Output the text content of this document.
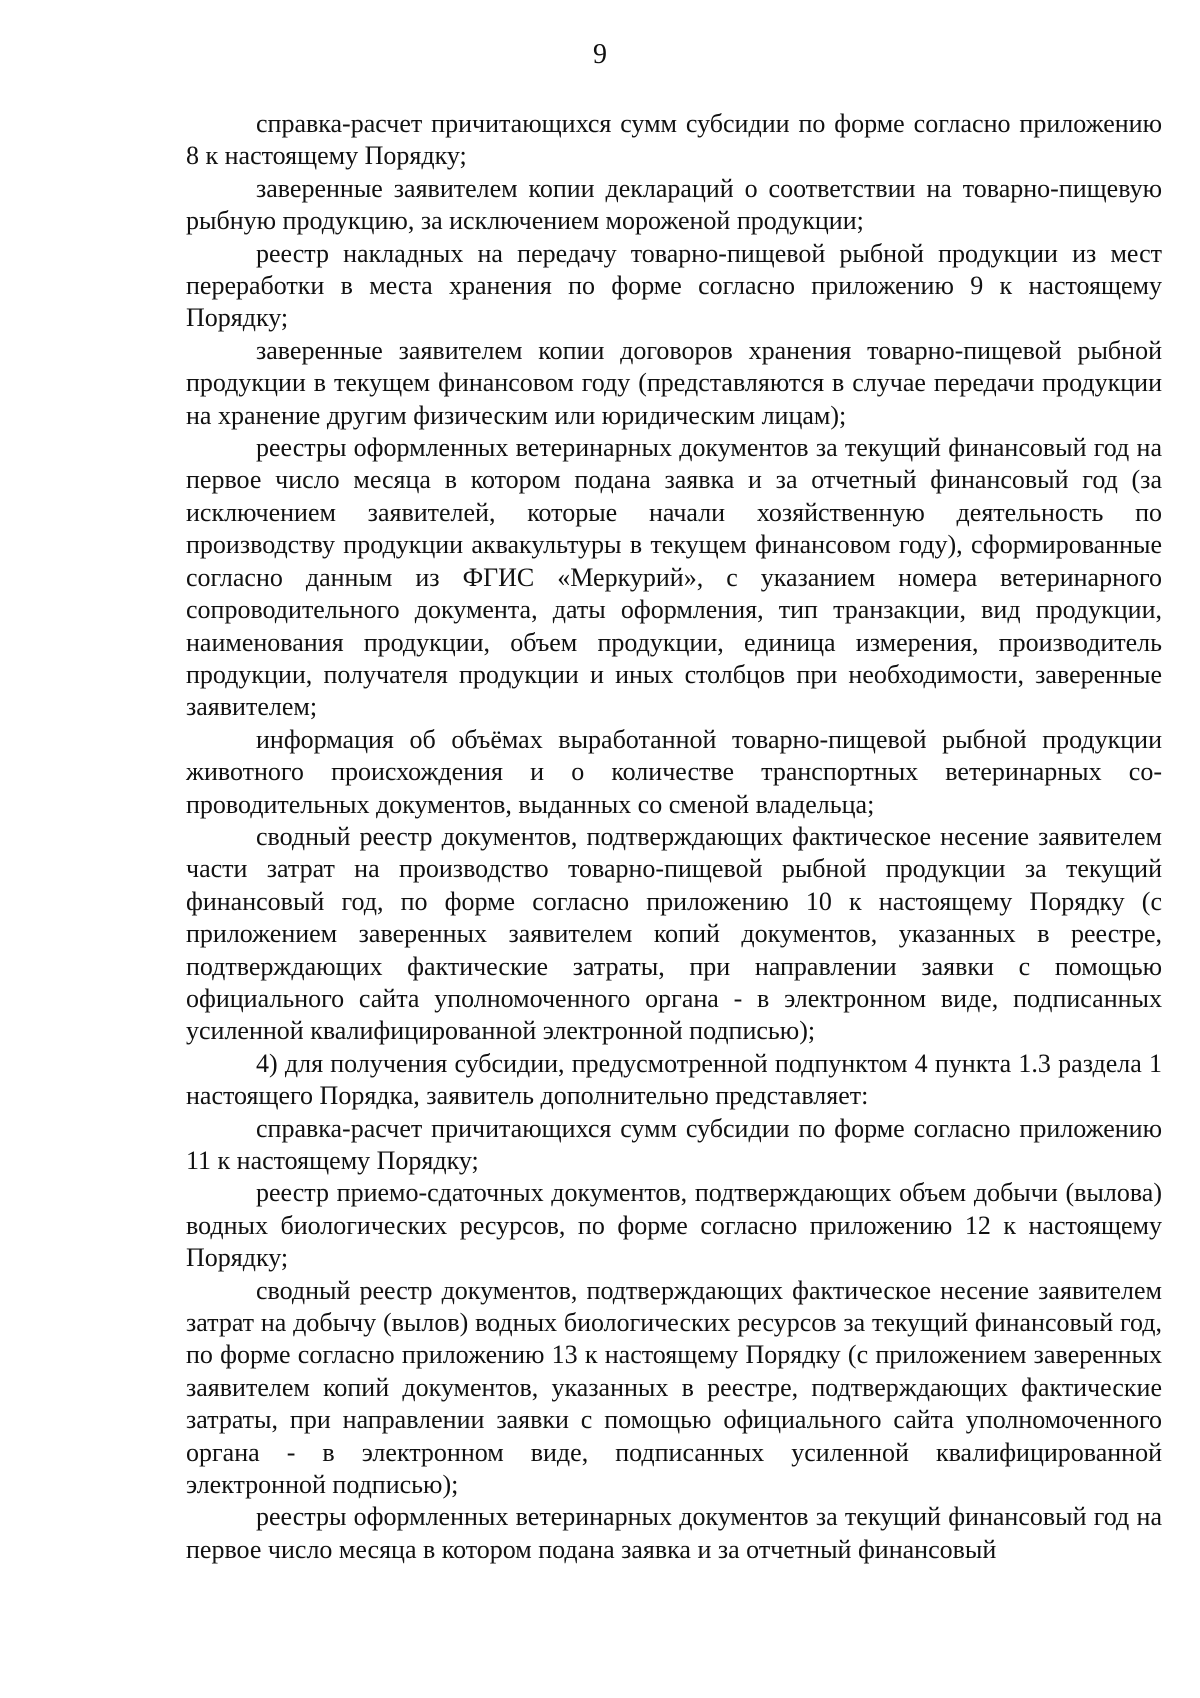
9

справка-расчет причитающихся сумм субсидии по форме согласно приложению 8 к настоящему Порядку;

заверенные заявителем копии деклараций о соответствии на товарно-пищевую рыбную продукцию, за исключением мороженой продукции;

реестр накладных на передачу товарно-пищевой рыбной продукции из мест переработки в места хранения по форме согласно приложению 9 к настоящему Порядку;

заверенные заявителем копии договоров хранения товарно-пищевой рыбной продукции в текущем финансовом году (представляются в случае передачи продукции на хранение другим физическим или юридическим лицам);

реестры оформленных ветеринарных документов за текущий финансовый год на первое число месяца в котором подана заявка и за отчетный финансовый год (за исключением заявителей, которые начали хозяйственную деятельность по производству продукции аквакультуры в текущем финансовом году), сформированные согласно данным из ФГИС «Меркурий», с указанием номера ветеринарного сопроводительного документа, даты оформления, тип транзакции, вид продукции, наименования продукции, объем продукции, единица измерения, производитель продукции, получателя продукции и иных столбцов при необходимости, заверенные заявителем;

информация об объёмах выработанной товарно-пищевой рыбной продукции животного происхождения и о количестве транспортных ветеринарных сопроводительных документов, выданных со сменой владельца;

сводный реестр документов, подтверждающих фактическое несение заявителем части затрат на производство товарно-пищевой рыбной продукции за текущий финансовый год, по форме согласно приложению 10 к настоящему Порядку (с приложением заверенных заявителем копий документов, указанных в реестре, подтверждающих фактические затраты, при направлении заявки с помощью официального сайта уполномоченного органа - в электронном виде, подписанных усиленной квалифицированной электронной подписью);

4) для получения субсидии, предусмотренной подпунктом 4 пункта 1.3 раздела 1 настоящего Порядка, заявитель дополнительно представляет:

справка-расчет причитающихся сумм субсидии по форме согласно приложению 11 к настоящему Порядку;

реестр приемо-сдаточных документов, подтверждающих объем добычи (вылова) водных биологических ресурсов, по форме согласно приложению 12 к настоящему Порядку;

сводный реестр документов, подтверждающих фактическое несение заявителем затрат на добычу (вылов) водных биологических ресурсов за текущий финансовый год, по форме согласно приложению 13 к настоящему Порядку (с приложением заверенных заявителем копий документов, указанных в реестре, подтверждающих фактические затраты, при направлении заявки с помощью официального сайта уполномоченного органа - в электронном виде, подписанных усиленной квалифицированной электронной подписью);

реестры оформленных ветеринарных документов за текущий финансовый год на первое число месяца в котором подана заявка и за отчетный финансовый
